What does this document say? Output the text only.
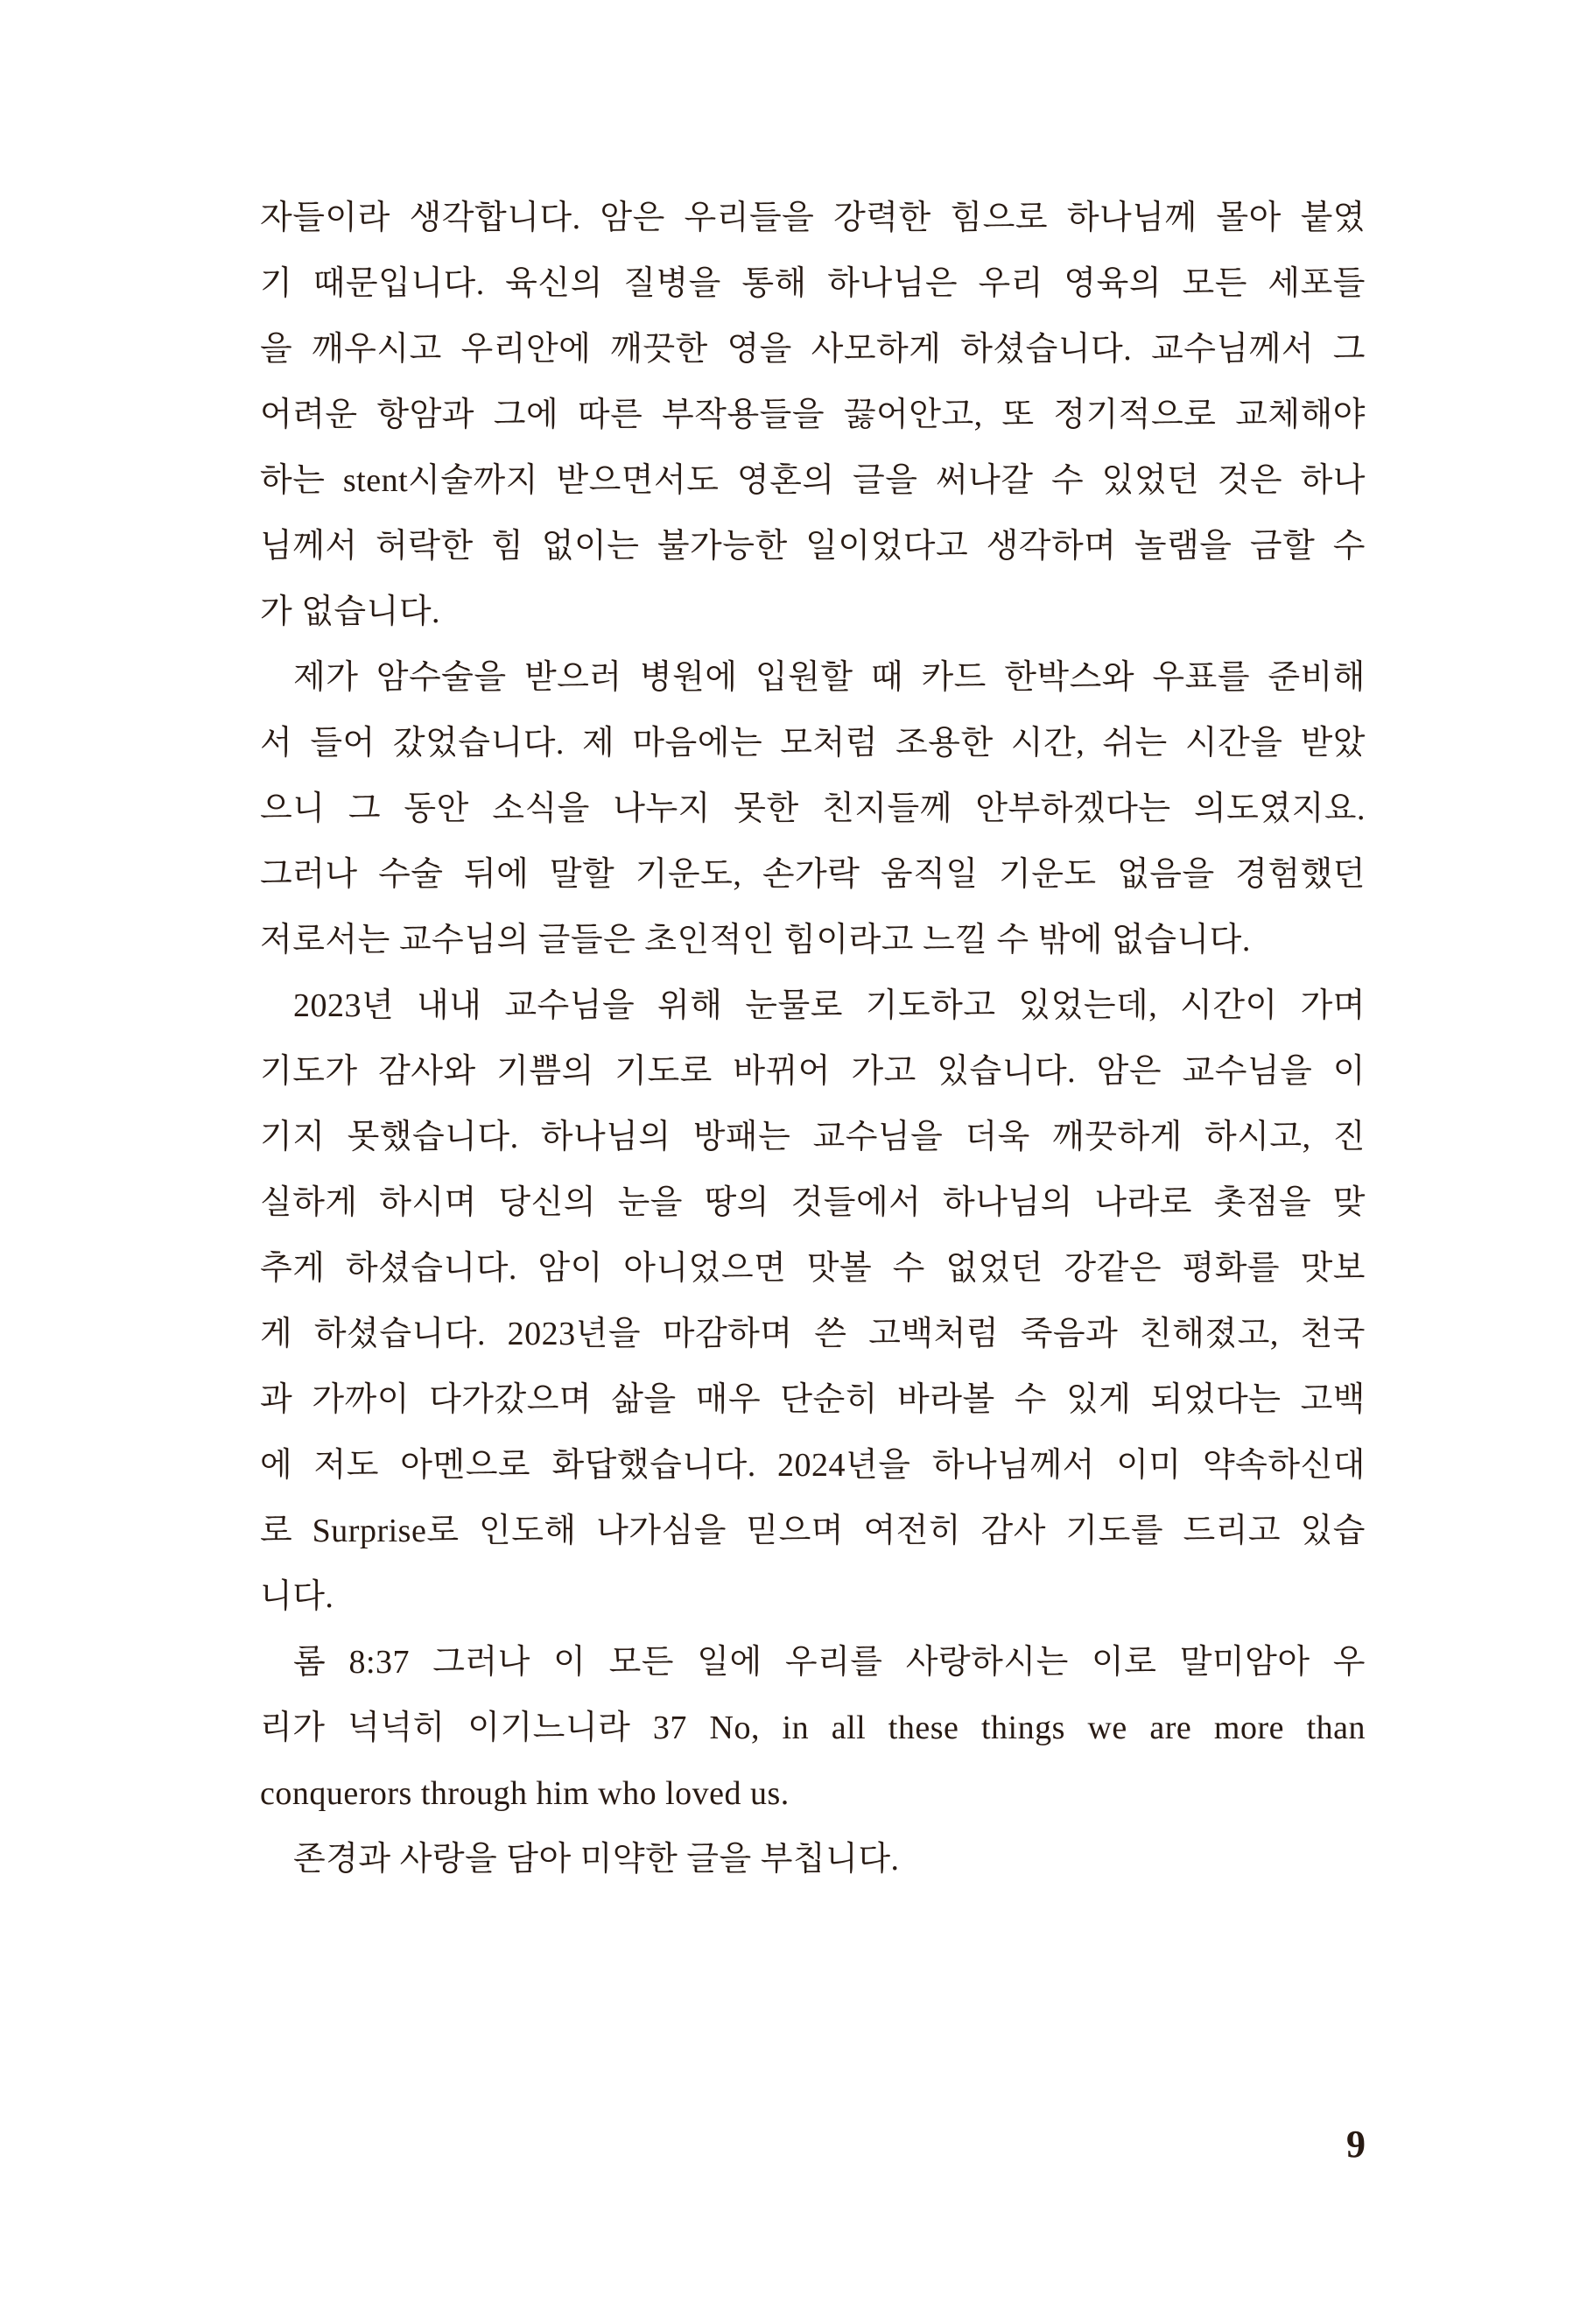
자들이라 생각합니다. 암은 우리들을 강력한 힘으로 하나님께 몰아 붙였
기 때문입니다. 육신의 질병을 통해 하나님은 우리 영육의 모든 세포들
을 깨우시고 우리안에 깨끗한 영을 사모하게 하셨습니다. 교수님께서 그
어려운 항암과 그에 따른 부작용들을 끓어안고, 또 정기적으로 교체해야
하는 stent시술까지 받으면서도 영혼의 글을 써나갈 수 있었던 것은 하나
님께서 허락한 힘 없이는 불가능한 일이었다고 생각하며 놀램을 금할 수
가 없습니다.
제가 암수술을 받으러 병원에 입원할 때 카드 한박스와 우표를 준비해
서 들어 갔었습니다. 제 마음에는 모처럼 조용한 시간, 쉬는 시간을 받았
으니 그 동안 소식을 나누지 못한 친지들께 안부하겠다는 의도였지요.
그러나 수술 뒤에 말할 기운도, 손가락 움직일 기운도 없음을 경험했던
저로서는 교수님의 글들은 초인적인 힘이라고 느낄 수 밖에 없습니다.
2023년 내내 교수님을 위해 눈물로 기도하고 있었는데, 시간이 가며
기도가 감사와 기쁨의 기도로 바뀌어 가고 있습니다. 암은 교수님을 이
기지 못했습니다. 하나님의 방패는 교수님을 더욱 깨끗하게 하시고, 진
실하게 하시며 당신의 눈을 땅의 것들에서 하나님의 나라로 촛점을 맞
추게 하셨습니다. 암이 아니었으면 맛볼 수 없었던 강같은 평화를 맛보
게 하셨습니다. 2023년을 마감하며 쓴 고백처럼 죽음과 친해졌고, 천국
과 가까이 다가갔으며 삶을 매우 단순히 바라볼 수 있게 되었다는 고백
에 저도 아멘으로 화답했습니다. 2024년을 하나님께서 이미 약속하신대
로 Surprise로 인도해 나가심을 믿으며 여전히 감사 기도를 드리고 있습
니다.
롬 8:37 그러나 이 모든 일에 우리를 사랑하시는 이로 말미암아 우
리가 넉넉히 이기느니라 37 No, in all these things we are more than
conquerors through him who loved us.
존경과 사랑을 담아 미약한 글을 부칩니다.
9
